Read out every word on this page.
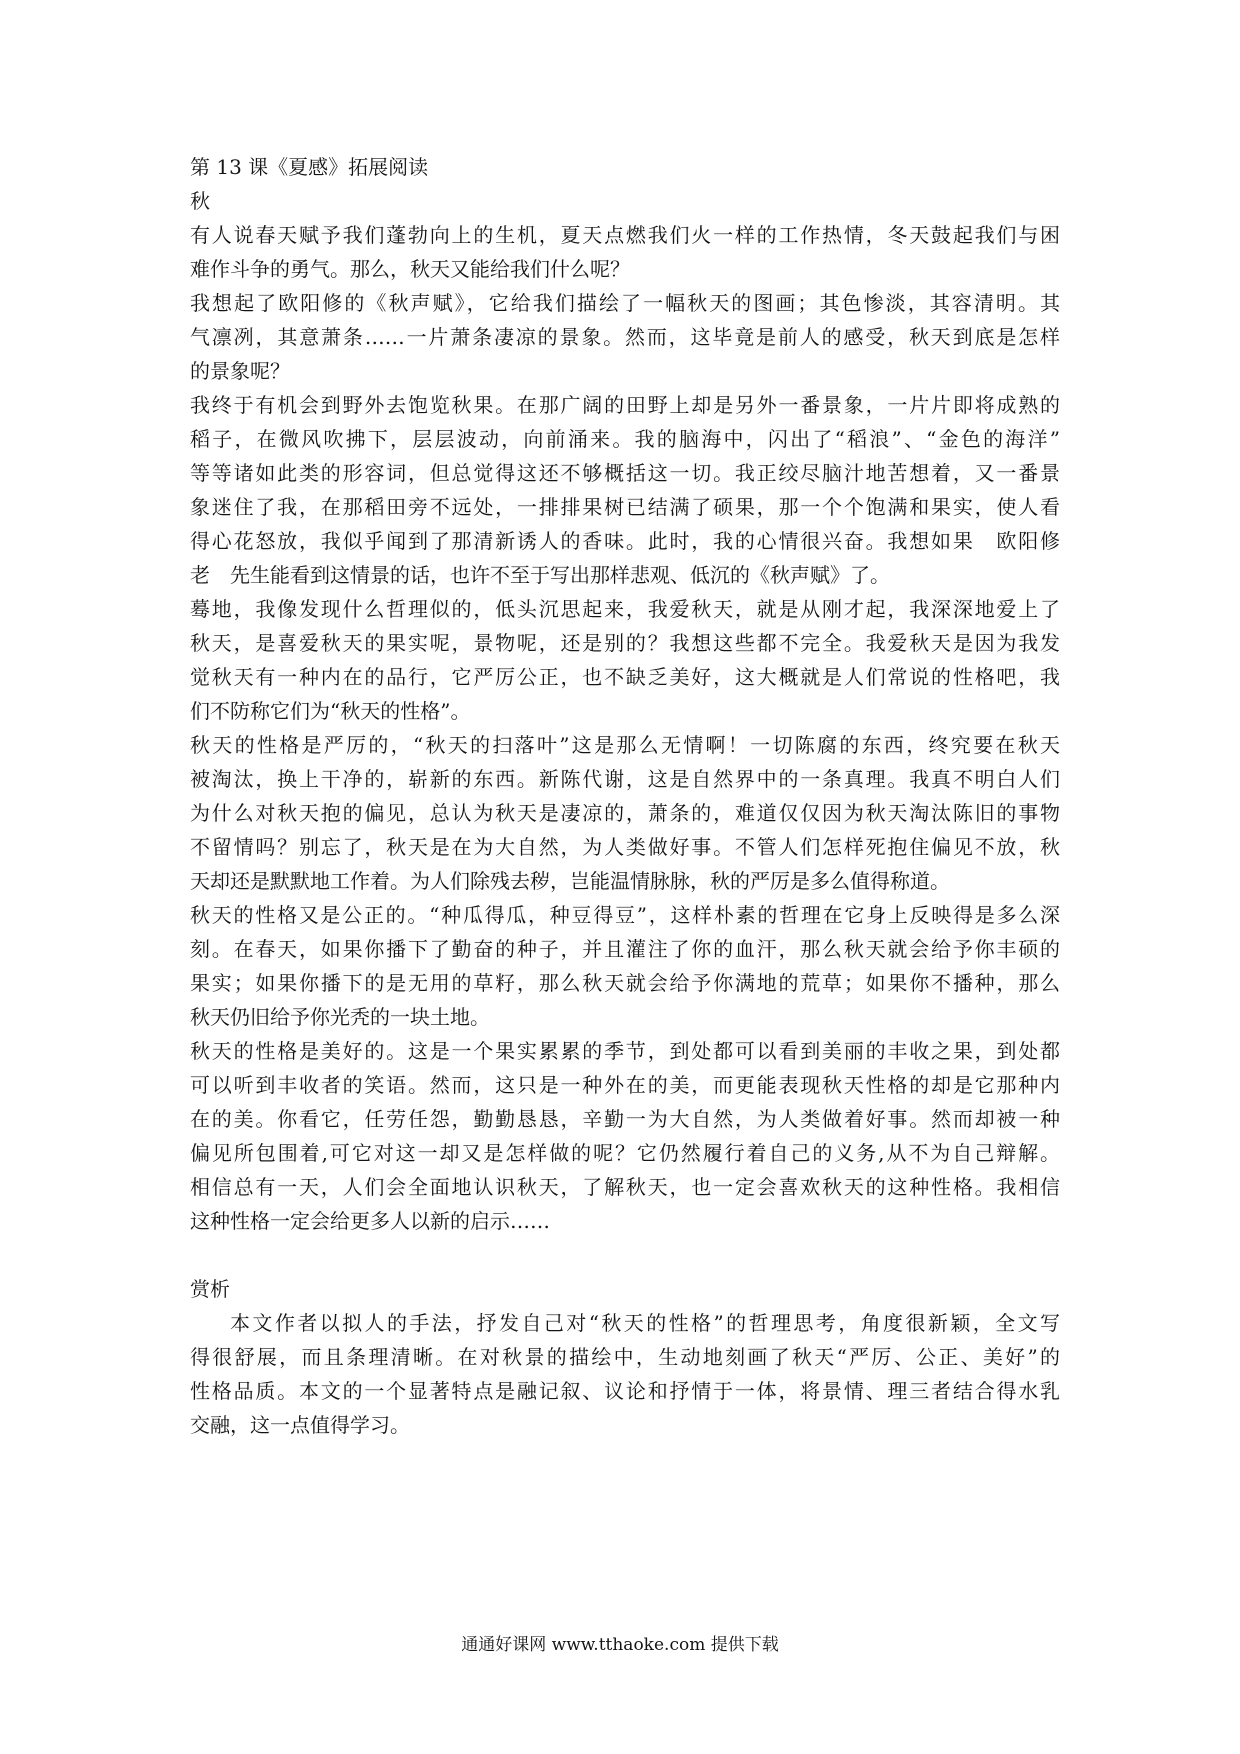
第 13 课《夏感》拓展阅读
秋
有人说春天赋予我们蓬勃向上的生机，夏天点燃我们火一样的工作热情，冬天鼓起我们与困
难作斗争的勇气。那么，秋天又能给我们什么呢？
我想起了欧阳修的《秋声赋》，它给我们描绘了一幅秋天的图画；其色惨淡，其容清明。其
气凛冽，其意萧条……一片萧条凄凉的景象。然而，这毕竟是前人的感受，秋天到底是怎样
的景象呢？
我终于有机会到野外去饱览秋果。在那广阔的田野上却是另外一番景象，一片片即将成熟的
稻子，在微风吹拂下，层层波动，向前涌来。我的脑海中，闪出了“稻浪”、“金色的海洋”
等等诸如此类的形容词，但总觉得这还不够概括这一切。我正绞尽脑汁地苦想着，又一番景
象迷住了我，在那稻田旁不远处，一排排果树已结满了硕果，那一个个饱满和果实，使人看
得心花怒放，我似乎闻到了那清新诱人的香味。此时，我的心情很兴奋。我想如果　欧阳修
老　先生能看到这情景的话，也许不至于写出那样悲观、低沉的《秋声赋》了。
蓦地，我像发现什么哲理似的，低头沉思起来，我爱秋天，就是从刚才起，我深深地爱上了
秋天，是喜爱秋天的果实呢，景物呢，还是别的？我想这些都不完全。我爱秋天是因为我发
觉秋天有一种内在的品行，它严厉公正，也不缺乏美好，这大概就是人们常说的性格吧，我
们不防称它们为“秋天的性格”。
秋天的性格是严厉的，“秋天的扫落叶”这是那么无情啊！一切陈腐的东西，终究要在秋天
被淘汰，换上干净的，崭新的东西。新陈代谢，这是自然界中的一条真理。我真不明白人们
为什么对秋天抱的偏见，总认为秋天是凄凉的，萧条的，难道仅仅因为秋天淘汰陈旧的事物
不留情吗？别忘了，秋天是在为大自然，为人类做好事。不管人们怎样死抱住偏见不放，秋
天却还是默默地工作着。为人们除残去秽，岂能温情脉脉，秋的严厉是多么值得称道。
秋天的性格又是公正的。“种瓜得瓜，种豆得豆”，这样朴素的哲理在它身上反映得是多么深
刻。在春天，如果你播下了勤奋的种子，并且灌注了你的血汗，那么秋天就会给予你丰硕的
果实；如果你播下的是无用的草籽，那么秋天就会给予你满地的荒草；如果你不播种，那么
秋天仍旧给予你光秃的一块土地。
秋天的性格是美好的。这是一个果实累累的季节，到处都可以看到美丽的丰收之果，到处都
可以听到丰收者的笑语。然而，这只是一种外在的美，而更能表现秋天性格的却是它那种内
在的美。你看它，任劳任怨，勤勤恳恳，辛勤一为大自然，为人类做着好事。然而却被一种
偏见所包围着,可它对这一却又是怎样做的呢？它仍然履行着自己的义务,从不为自己辩解。
相信总有一天，人们会全面地认识秋天，了解秋天，也一定会喜欢秋天的这种性格。我相信
这种性格一定会给更多人以新的启示……
赏析
本文作者以拟人的手法，抒发自己对“秋天的性格”的哲理思考，角度很新颖，全文写
得很舒展，而且条理清晰。在对秋景的描绘中，生动地刻画了秋天“严厉、公正、美好”的
性格品质。本文的一个显著特点是融记叙、议论和抒情于一体，将景情、理三者结合得水乳
交融，这一点值得学习。
通通好课网 www.tthaoke.com 提供下载
